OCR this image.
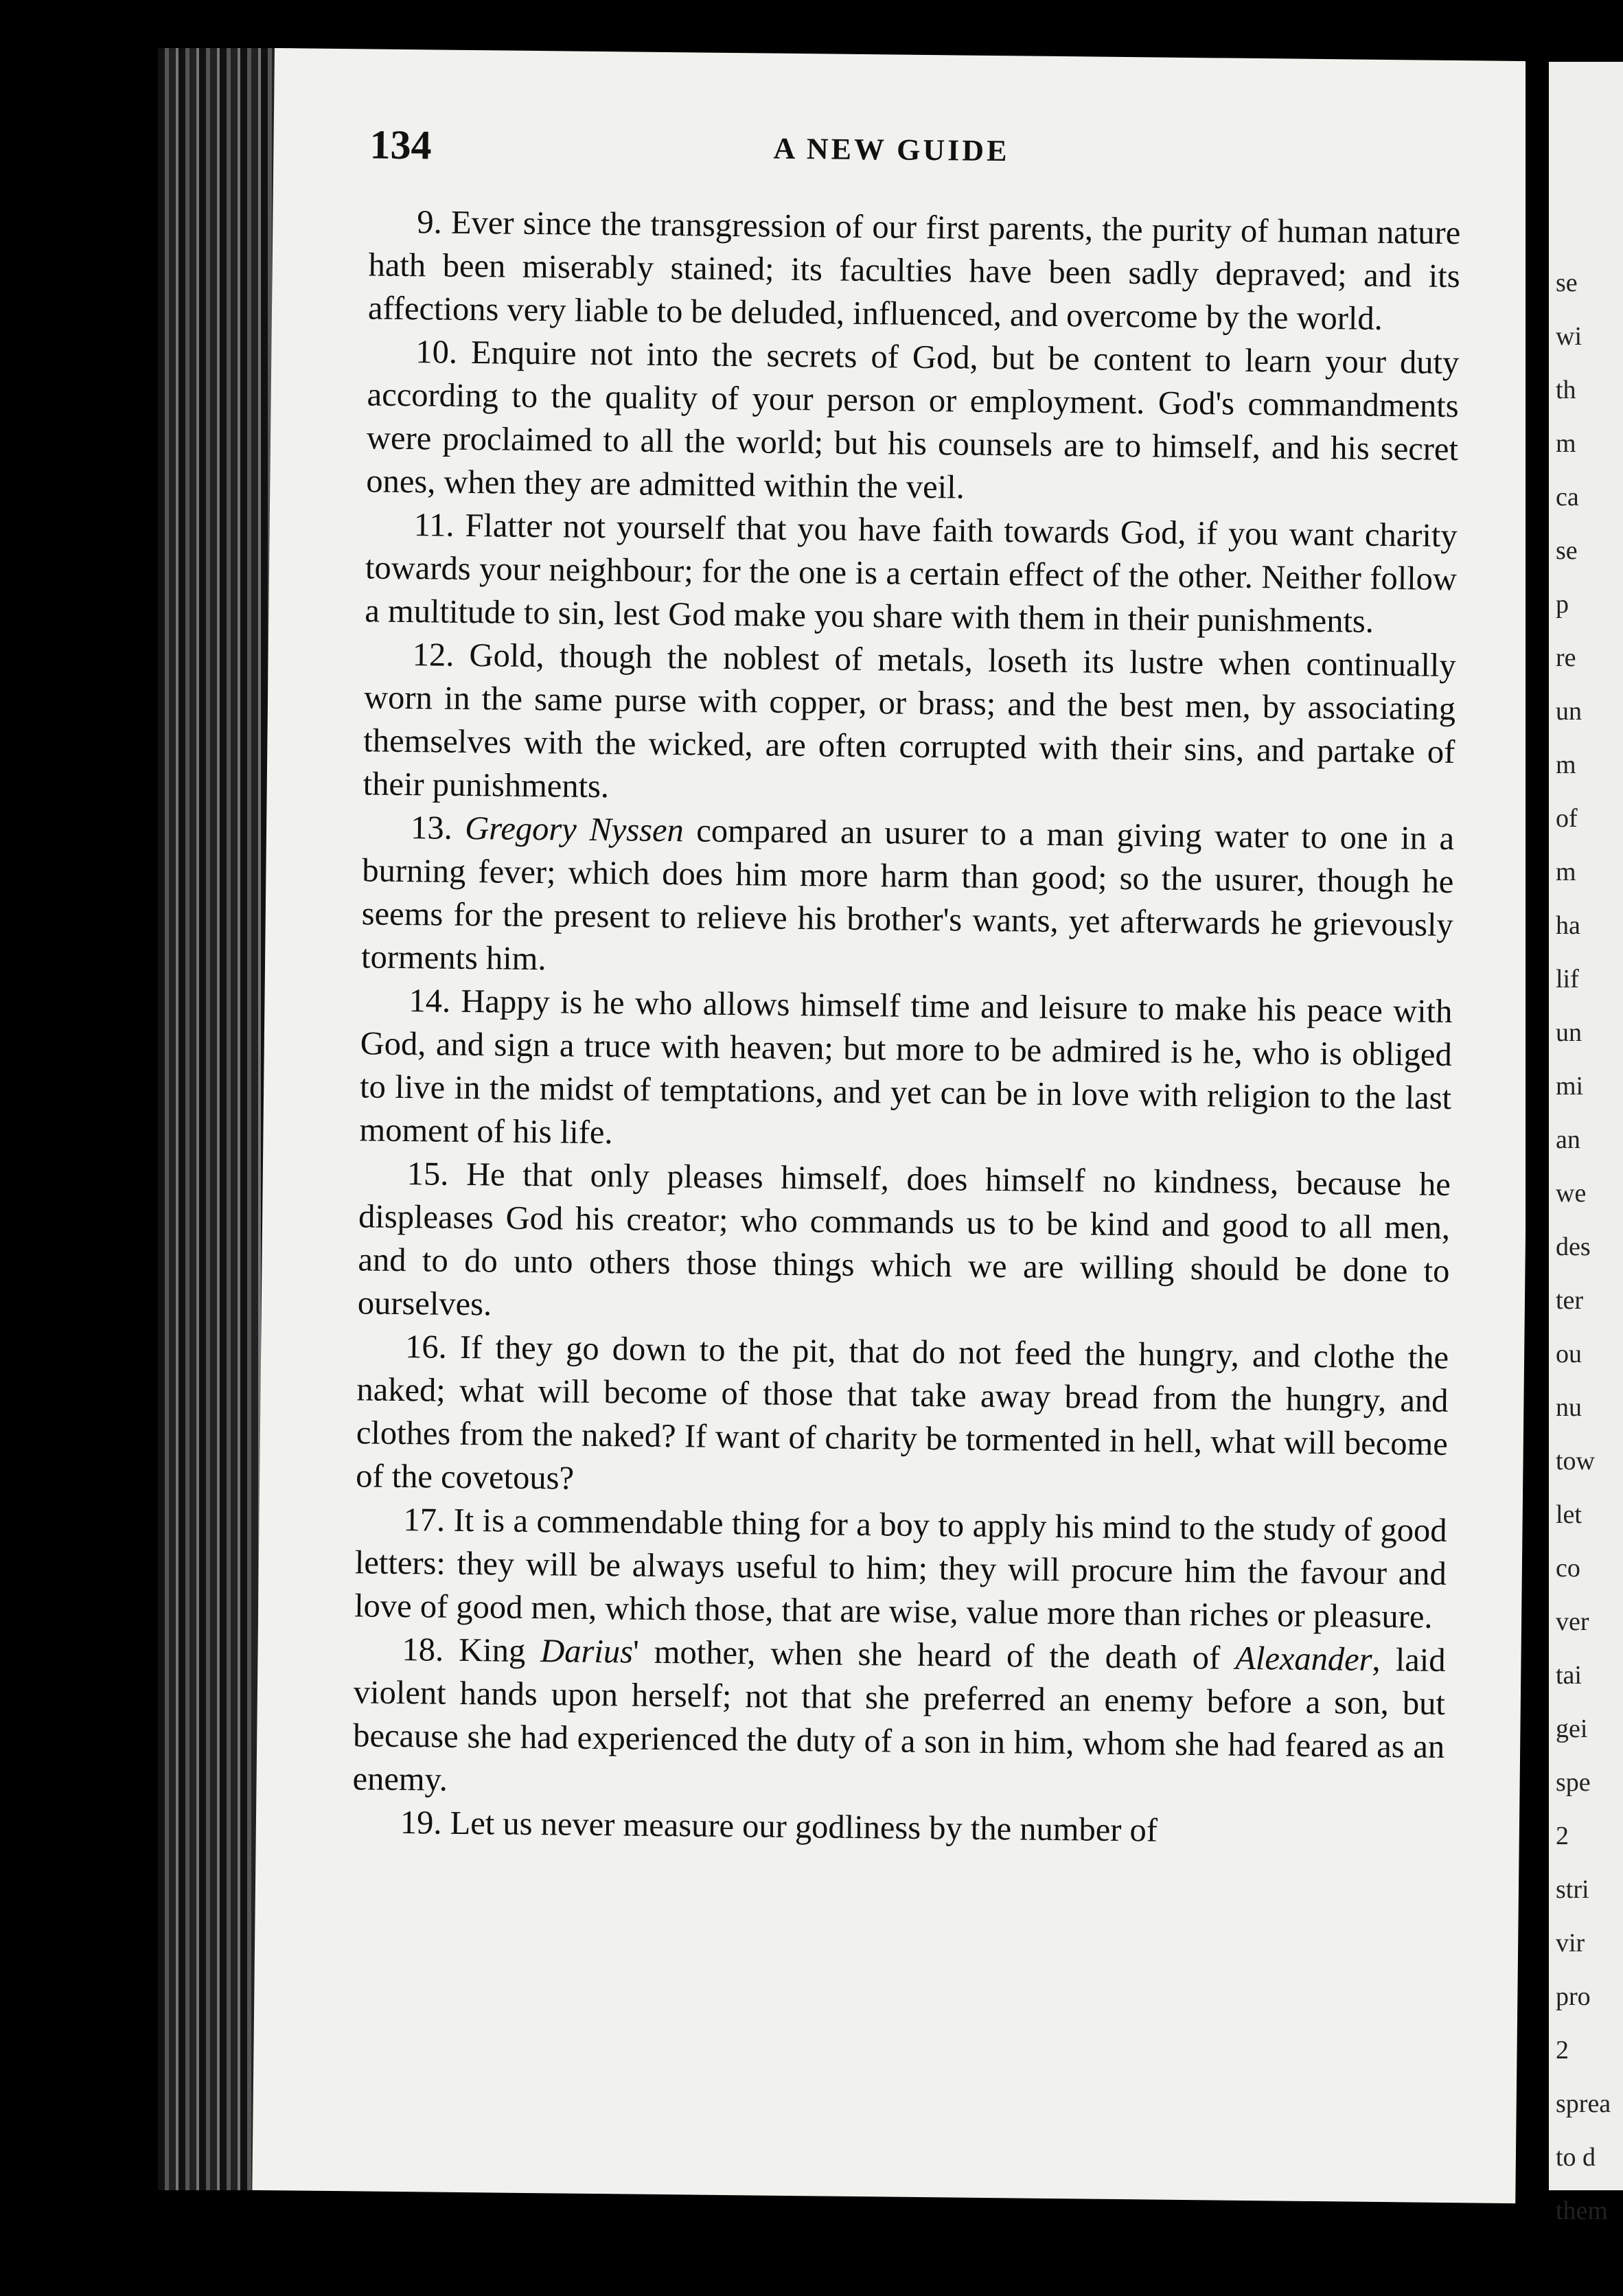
134	A NEW GUIDE

9. Ever since the transgression of our first parents, the purity of human nature hath been miserably stained; its faculties have been sadly depraved; and its affections very liable to be deluded, influenced, and overcome by the world.

10. Enquire not into the secrets of God, but be content to learn your duty according to the quality of your person or employment. God's commandments were proclaimed to all the world; but his counsels are to himself, and his secret ones, when they are admitted within the veil.

11. Flatter not yourself that you have faith towards God, if you want charity towards your neighbour; for the one is a certain effect of the other. Neither follow a multitude to sin, lest God make you share with them in their punishments.

12. Gold, though the noblest of metals, loseth its lustre when continually worn in the same purse with copper, or brass; and the best men, by associating themselves with the wicked, are often corrupted with their sins, and partake of their punishments.

13. Gregory Nyssen compared an usurer to a man giving water to one in a burning fever; which does him more harm than good; so the usurer, though he seems for the present to relieve his brother's wants, yet afterwards he grievously torments him.

14. Happy is he who allows himself time and leisure to make his peace with God, and sign a truce with heaven; but more to be admired is he, who is obliged to live in the midst of temptations, and yet can be in love with religion to the last moment of his life.

15. He that only pleases himself, does himself no kindness, because he displeases God his creator; who commands us to be kind and good to all men, and to do unto others those things which we are willing should be done to ourselves.

16. If they go down to the pit, that do not feed the hungry, and clothe the naked; what will become of those that take away bread from the hungry, and clothes from the naked? If want of charity be tormented in hell, what will become of the covetous?

17. It is a commendable thing for a boy to apply his mind to the study of good letters: they will be always useful to him; they will procure him the favour and love of good men, which those, that are wise, value more than riches or pleasure.

18. King Darius' mother, when she heard of the death of Alexander, laid violent hands upon herself; not that she preferred an enemy before a son, but because she had experienced the duty of a son in him, whom she had feared as an enemy.

19. Let us never measure our godliness by the number of

se
wi
th
m
ca
se
p
re
un
m
of
m
ha
lif
un
mi
an
we
des
ter
ou
nu
tow
let
co
ver
tai
gei
spe
2
stri
vir
pro
2
sprea
to d
them
